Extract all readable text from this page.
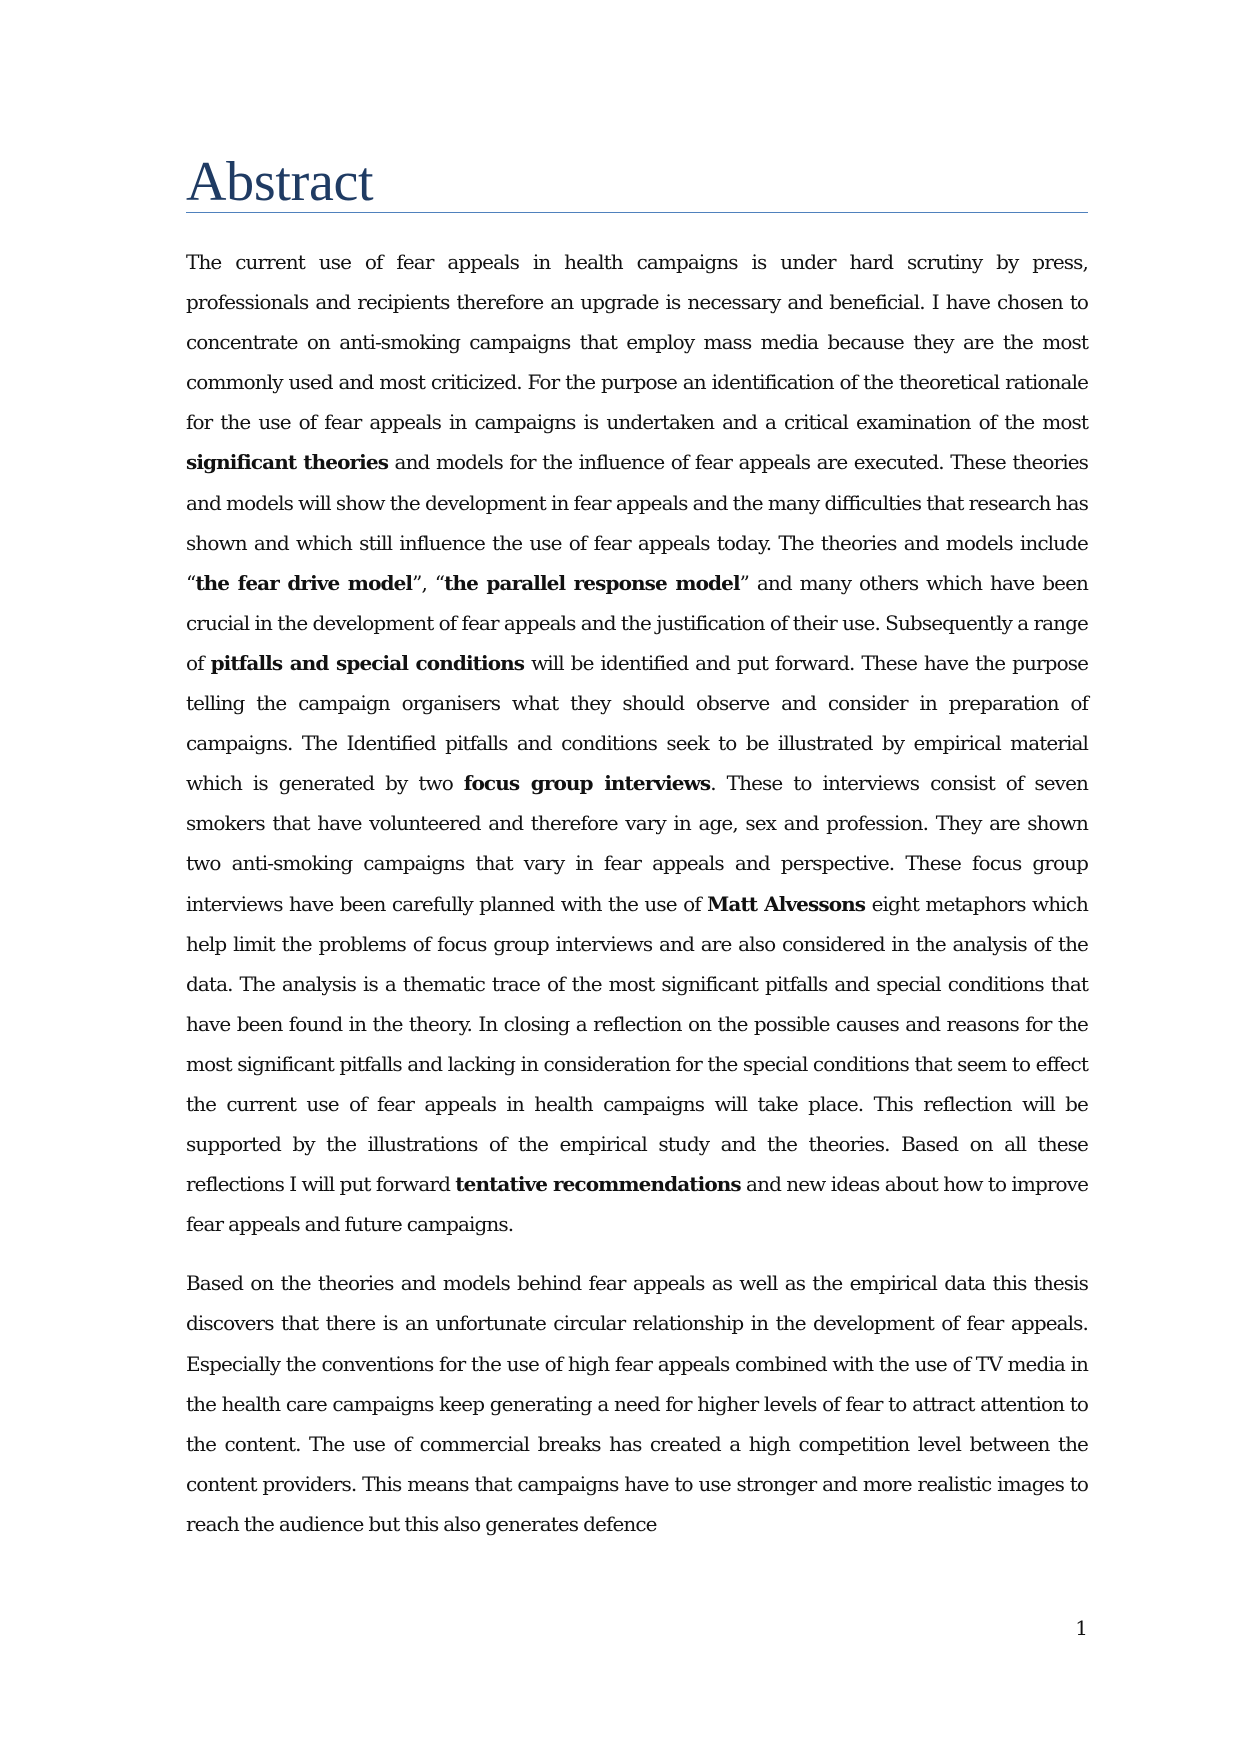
Abstract

The current use of fear appeals in health campaigns is under hard scrutiny by press, professionals and recipients therefore an upgrade is necessary and beneficial. I have chosen to concentrate on anti-smoking campaigns that employ mass media because they are the most commonly used and most criticized. For the purpose an identification of the theoretical rationale for the use of fear appeals in campaigns is undertaken and a critical examination of the most significant theories and models for the influence of fear appeals are executed. These theories and models will show the development in fear appeals and the many difficulties that research has shown and which still influence the use of fear appeals today. The theories and models include “the fear drive model”, “the parallel response model” and many others which have been crucial in the development of fear appeals and the justification of their use. Subsequently a range of pitfalls and special conditions will be identified and put forward. These have the purpose telling the campaign organisers what they should observe and consider in preparation of campaigns. The Identified pitfalls and conditions seek to be illustrated by empirical material which is generated by two focus group interviews. These to interviews consist of seven smokers that have volunteered and therefore vary in age, sex and profession. They are shown two anti-smoking campaigns that vary in fear appeals and perspective. These focus group interviews have been carefully planned with the use of Matt Alvessons eight metaphors which help limit the problems of focus group interviews and are also considered in the analysis of the data. The analysis is a thematic trace of the most significant pitfalls and special conditions that have been found in the theory. In closing a reflection on the possible causes and reasons for the most significant pitfalls and lacking in consideration for the special conditions that seem to effect the current use of fear appeals in health campaigns will take place. This reflection will be supported by the illustrations of the empirical study and the theories. Based on all these reflections I will put forward tentative recommendations and new ideas about how to improve fear appeals and future campaigns.

Based on the theories and models behind fear appeals as well as the empirical data this thesis discovers that there is an unfortunate circular relationship in the development of fear appeals. Especially the conventions for the use of high fear appeals combined with the use of TV media in the health care campaigns keep generating a need for higher levels of fear to attract attention to the content. The use of commercial breaks has created a high competition level between the content providers. This means that campaigns have to use stronger and more realistic images to reach the audience but this also generates defence

1
